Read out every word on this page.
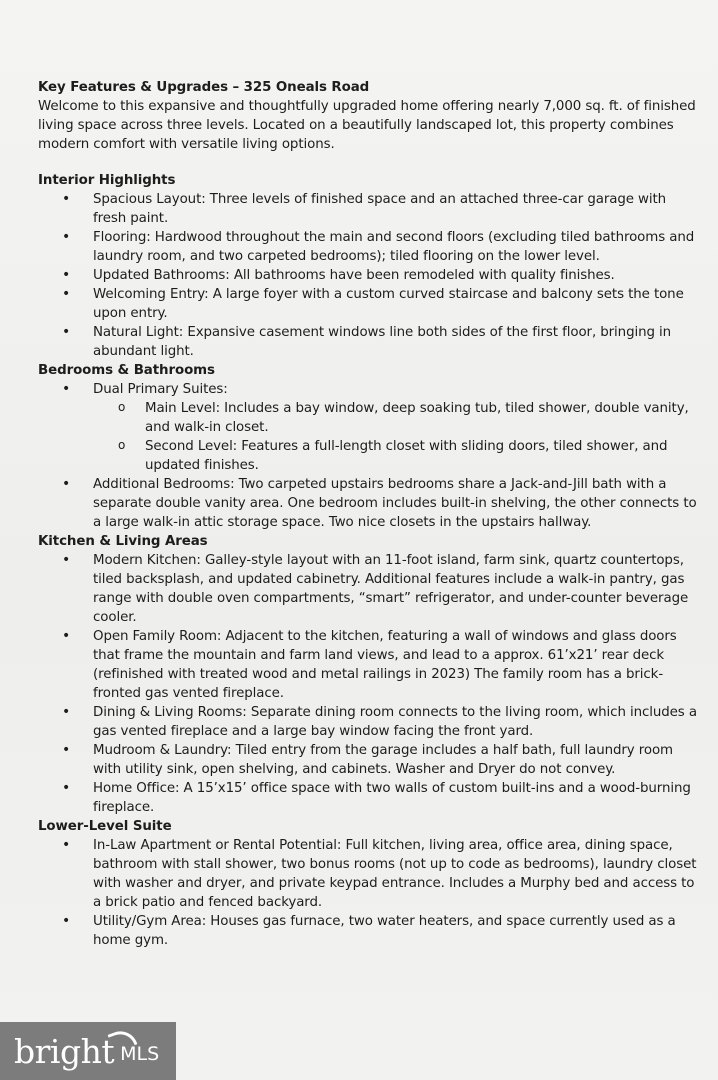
Key Features & Upgrades – 325 Oneals Road

Welcome to this expansive and thoughtfully upgraded home offering nearly 7,000 sq. ft. of finished living space across three levels. Located on a beautifully landscaped lot, this property combines modern comfort with versatile living options.

Interior Highlights
• Spacious Layout: Three levels of finished space and an attached three-car garage with fresh paint.
• Flooring: Hardwood throughout the main and second floors (excluding tiled bathrooms and laundry room, and two carpeted bedrooms); tiled flooring on the lower level.
• Updated Bathrooms: All bathrooms have been remodeled with quality finishes.
• Welcoming Entry: A large foyer with a custom curved staircase and balcony sets the tone upon entry.
• Natural Light: Expansive casement windows line both sides of the first floor, bringing in abundant light.
Bedrooms & Bathrooms
• Dual Primary Suites:
o Main Level: Includes a bay window, deep soaking tub, tiled shower, double vanity, and walk-in closet.
o Second Level: Features a full-length closet with sliding doors, tiled shower, and updated finishes.
• Additional Bedrooms: Two carpeted upstairs bedrooms share a Jack-and-Jill bath with a separate double vanity area. One bedroom includes built-in shelving, the other connects to a large walk-in attic storage space. Two nice closets in the upstairs hallway.
Kitchen & Living Areas
• Modern Kitchen: Galley-style layout with an 11-foot island, farm sink, quartz countertops, tiled backsplash, and updated cabinetry. Additional features include a walk-in pantry, gas range with double oven compartments, “smart” refrigerator, and under-counter beverage cooler.
• Open Family Room: Adjacent to the kitchen, featuring a wall of windows and glass doors that frame the mountain and farm land views, and lead to a approx. 61’x21’ rear deck (refinished with treated wood and metal railings in 2023) The family room has a brick-fronted gas vented fireplace.
• Dining & Living Rooms: Separate dining room connects to the living room, which includes a gas vented fireplace and a large bay window facing the front yard.
• Mudroom & Laundry: Tiled entry from the garage includes a half bath, full laundry room with utility sink, open shelving, and cabinets. Washer and Dryer do not convey.
• Home Office: A 15’x15’ office space with two walls of custom built-ins and a wood-burning fireplace.
Lower-Level Suite
• In-Law Apartment or Rental Potential: Full kitchen, living area, office area, dining space, bathroom with stall shower, two bonus rooms (not up to code as bedrooms), laundry closet with washer and dryer, and private keypad entrance. Includes a Murphy bed and access to a brick patio and fenced backyard.
• Utility/Gym Area: Houses gas furnace, two water heaters, and space currently used as a home gym.
bright MLS
